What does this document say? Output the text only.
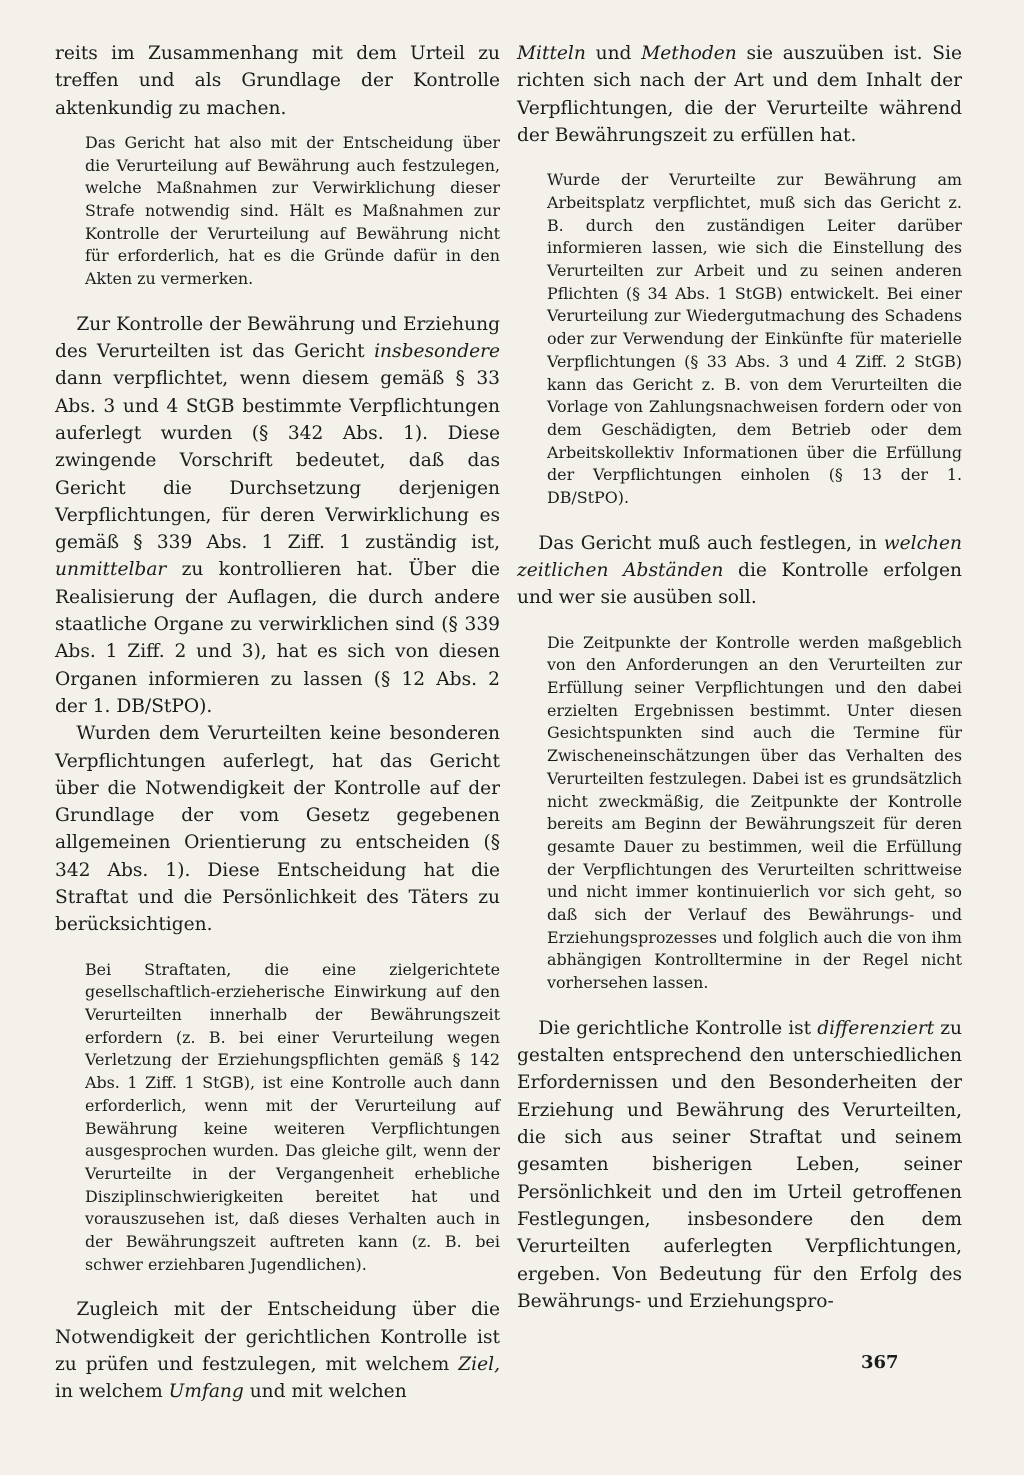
reits im Zusammenhang mit dem Urteil zu treffen und als Grundlage der Kontrolle aktenkundig zu machen.

Das Gericht hat also mit der Entscheidung über die Verurteilung auf Bewährung auch festzulegen, welche Maßnahmen zur Verwirklichung dieser Strafe notwendig sind. Hält es Maßnahmen zur Kontrolle der Verurteilung auf Bewährung nicht für erforderlich, hat es die Gründe dafür in den Akten zu vermerken.

Zur Kontrolle der Bewährung und Erziehung des Verurteilten ist das Gericht insbesondere dann verpflichtet, wenn diesem gemäß § 33 Abs. 3 und 4 StGB bestimmte Verpflichtungen auferlegt wurden (§ 342 Abs. 1). Diese zwingende Vorschrift bedeutet, daß das Gericht die Durchsetzung derjenigen Verpflichtungen, für deren Verwirklichung es gemäß § 339 Abs. 1 Ziff. 1 zuständig ist, unmittelbar zu kontrollieren hat. Über die Realisierung der Auflagen, die durch andere staatliche Organe zu verwirklichen sind (§ 339 Abs. 1 Ziff. 2 und 3), hat es sich von diesen Organen informieren zu lassen (§ 12 Abs. 2 der 1. DB/StPO).

Wurden dem Verurteilten keine besonderen Verpflichtungen auferlegt, hat das Gericht über die Notwendigkeit der Kontrolle auf der Grundlage der vom Gesetz gegebenen allgemeinen Orientierung zu entscheiden (§ 342 Abs. 1). Diese Entscheidung hat die Straftat und die Persönlichkeit des Täters zu berücksichtigen.

Bei Straftaten, die eine zielgerichtete gesellschaftlich-erzieherische Einwirkung auf den Verurteilten innerhalb der Bewährungszeit erfordern (z. B. bei einer Verurteilung wegen Verletzung der Erziehungspflichten gemäß § 142 Abs. 1 Ziff. 1 StGB), ist eine Kontrolle auch dann erforderlich, wenn mit der Verurteilung auf Bewährung keine weiteren Verpflichtungen ausgesprochen wurden. Das gleiche gilt, wenn der Verurteilte in der Vergangenheit erhebliche Disziplinschwierigkeiten bereitet hat und vorauszusehen ist, daß dieses Verhalten auch in der Bewährungszeit auftreten kann (z. B. bei schwer erziehbaren Jugendlichen).

Zugleich mit der Entscheidung über die Notwendigkeit der gerichtlichen Kontrolle ist zu prüfen und festzulegen, mit welchem Ziel, in welchem Umfang und mit welchen

Mitteln und Methoden sie auszuüben ist. Sie richten sich nach der Art und dem Inhalt der Verpflichtungen, die der Verurteilte während der Bewährungszeit zu erfüllen hat.

Wurde der Verurteilte zur Bewährung am Arbeitsplatz verpflichtet, muß sich das Gericht z. B. durch den zuständigen Leiter darüber informieren lassen, wie sich die Einstellung des Verurteilten zur Arbeit und zu seinen anderen Pflichten (§ 34 Abs. 1 StGB) entwickelt. Bei einer Verurteilung zur Wiedergutmachung des Schadens oder zur Verwendung der Einkünfte für materielle Verpflichtungen (§ 33 Abs. 3 und 4 Ziff. 2 StGB) kann das Gericht z. B. von dem Verurteilten die Vorlage von Zahlungsnachweisen fordern oder von dem Geschädigten, dem Betrieb oder dem Arbeitskollektiv Informationen über die Erfüllung der Verpflichtungen einholen (§ 13 der 1. DB/StPO).

Das Gericht muß auch festlegen, in welchen zeitlichen Abständen die Kontrolle erfolgen und wer sie ausüben soll.

Die Zeitpunkte der Kontrolle werden maßgeblich von den Anforderungen an den Verurteilten zur Erfüllung seiner Verpflichtungen und den dabei erzielten Ergebnissen bestimmt. Unter diesen Gesichtspunkten sind auch die Termine für Zwischeneinschätzungen über das Verhalten des Verurteilten festzulegen. Dabei ist es grundsätzlich nicht zweckmäßig, die Zeitpunkte der Kontrolle bereits am Beginn der Bewährungszeit für deren gesamte Dauer zu bestimmen, weil die Erfüllung der Verpflichtungen des Verurteilten schrittweise und nicht immer kontinuierlich vor sich geht, so daß sich der Verlauf des Bewährungs- und Erziehungsprozesses und folglich auch die von ihm abhängigen Kontrolltermine in der Regel nicht vorhersehen lassen.

Die gerichtliche Kontrolle ist differenziert zu gestalten entsprechend den unterschiedlichen Erfordernissen und den Besonderheiten der Erziehung und Bewährung des Verurteilten, die sich aus seiner Straftat und seinem gesamten bisherigen Leben, seiner Persönlichkeit und den im Urteil getroffenen Festlegungen, insbesondere den dem Verurteilten auferlegten Verpflichtungen, ergeben. Von Bedeutung für den Erfolg des Bewährungs- und Erziehungspro-

367
